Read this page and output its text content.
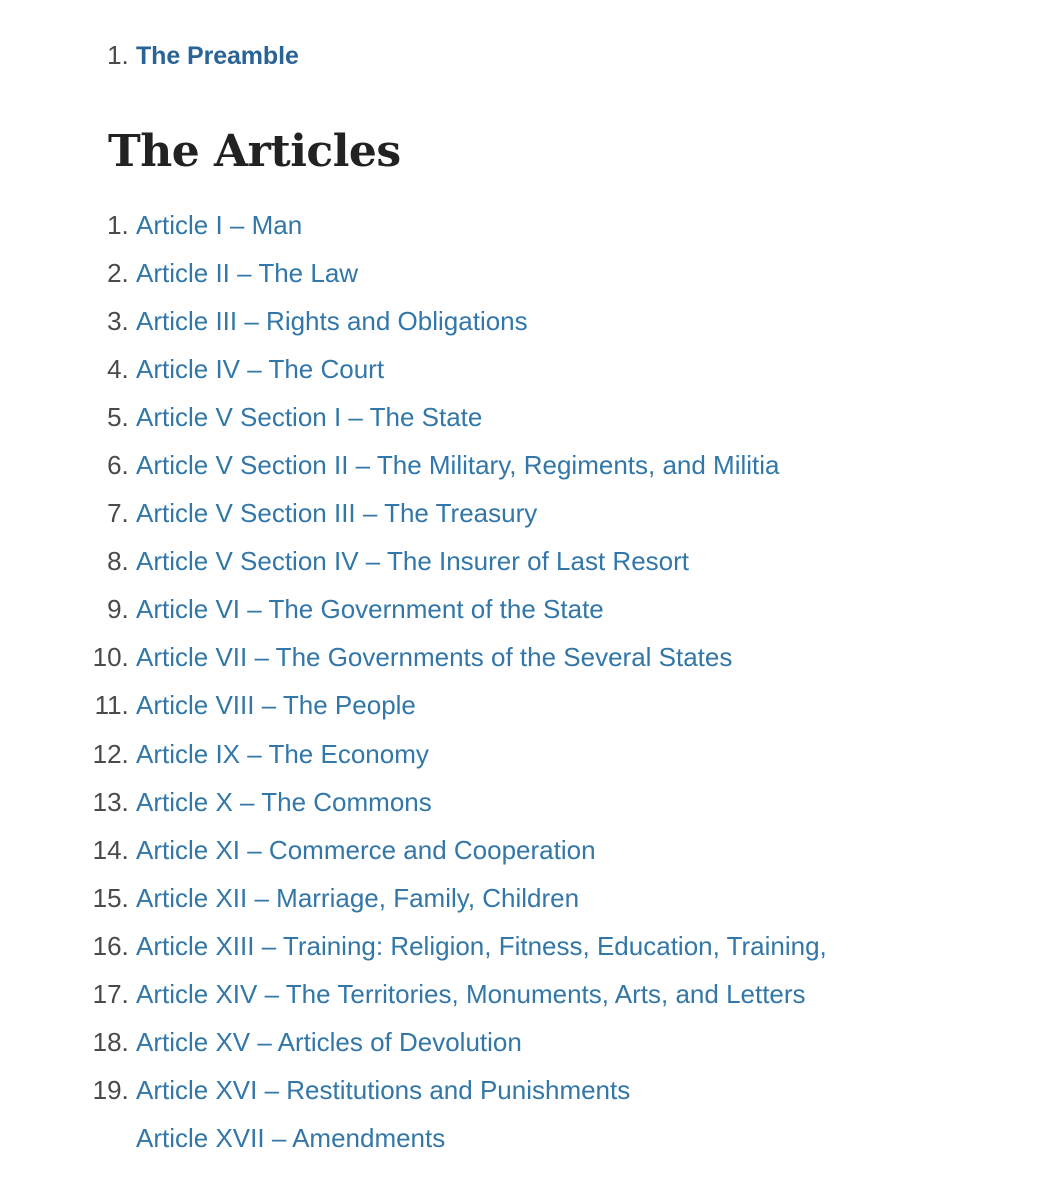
1. The Preamble
The Articles
1. Article I – Man
2. Article II – The Law
3. Article III – Rights and Obligations
4. Article IV – The Court
5. Article V Section I – The State
6. Article V Section II – The Military, Regiments, and Militia
7. Article V Section III – The Treasury
8. Article V Section IV – The Insurer of Last Resort
9. Article VI – The Government of the State
10. Article VII – The Governments of the Several States
11. Article VIII – The People
12. Article IX – The Economy
13. Article X – The Commons
14. Article XI – Commerce and Cooperation
15. Article XII – Marriage, Family, Children
16. Article XIII – Training: Religion, Fitness, Education, Training,
17. Article XIV – The Territories, Monuments, Arts, and Letters
18. Article XV – Articles of Devolution
19. Article XVI – Restitutions and Punishments
20. Article XVII – Amendments
